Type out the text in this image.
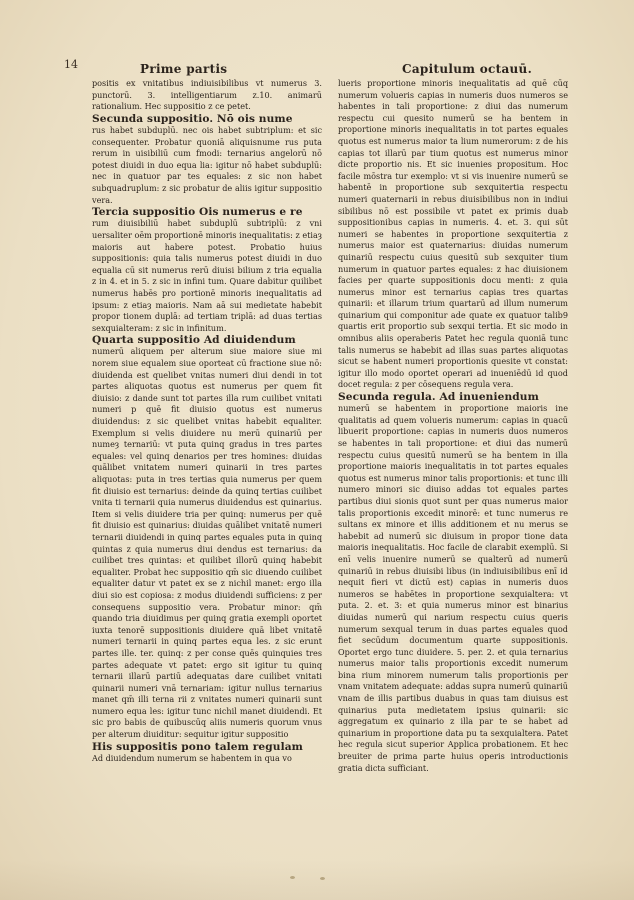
14	Prime partis	Capitulum octauū.

positis ex vnitatibus indiuisibilibus vt numerus 3. punctorū. 3. intelligentiarum z.10. animarū rationalium. Hec suppositio z ce petet.

Secunda suppositio. Nō ois nume

rus habet subduplū. nec ois habet subtriplum: et sic consequenter. Probatur quoniā aliquisnume rus puta rerum in uisibiliū cum fmodi: ternarius angelorū nō potest diuidi in duo equa lia: igitur nō habet subduplū: nec in quatuor par tes equales: z sic non habet subquadruplum: z sic probatur de aliis igitur suppositio vera.

Tercia suppositio Ois numerus e re

rum diuisibiliū habet subduplū subtriplū: z vni uersaliter oēm proportionē minoris inequalitatis: z etiaȝ maioris aut habere potest. Probatio huius suppositionis: quia talis numerus potest diuidi in duo equalia cū sit numerus rerū diuisi bilium z tria equalia z in 4. et in 5. z sic in infini tum. Quare dabitur quilibet numerus habēs pro portionē minoris inequalitatis ad ipsum: z etiaȝ maioris. Nam aā sui medietate habebit propor tionem duplā: ad tertiam triplā: ad duas tertias sexquialteram: z sic in infinitum.

Quarta suppositio Ad diuidendum

numerū aliquem per alterum siue maiore siue mi norem siue equalem siue oporteat cū fractione siue nō: diuidenda est quelibet vnitas numeri diui dendi in tot partes aliquotas quotus est numerus per quem fit diuisio: z dande sunt tot partes illa rum cuilibet vnitati numeri p quē fit diuisio quotus est numerus diuidendus: z sic quelibet vnitas habebit equaliter. Exemplum si velis diuidere nu merū quinariū per numeȝ ternariū: vt puta quinq gradus in tres partes equales: vel quinq denarios per tres homines: diuidas quālibet vnitatem numeri quinarii in tres partes aliquotas: puta in tres tertias quia numerus per quem fit diuisio est ternarius: deinde da quinq tertias cuilibet vnita ti ternarii quia numerus diuidendus est quinarius. Item si velis diuidere tria per quinq: numerus per quē fit diuisio est quinarius: diuidas quālibet vnitatē numeri ternarii diuidendi in quinq partes equales puta in quinq quintas z quia numerus diui dendus est ternarius: da cuilibet tres quintas: et quilibet illorū quinq habebit equaliter. Probat hec suppositio qm̄ sic diuendo cuilibet equaliter datur vt patet ex se z nichil manet: ergo illa diui sio est copiosa: z modus diuidendi sufficiens: z per consequens suppositio vera. Probatur minor: qm̄ quando tria diuidimus per quinq gratia exempli oportet iuxta tenorē suppositionis diuidere quā libet vnitatē numeri ternarii in quinq partes equa les. z sic erunt partes ille. ter. quinq: z per conse quēs quinquies tres partes adequate vt patet: ergo sit igitur tu quinq ternarii illarū partiū adequatas dare cuilibet vnitati quinarii numeri vnā ternariam: igitur nullus ternarius manet qm̄ illi terna rii z vnitates numeri quinarii sunt numero equa les: igitur tunc nichil manet diuidendi. Et sic pro babis de quibuscūq aliis numeris quorum vnus per alterum diuiditur: sequitur igitur suppositio

His suppositis pono talem regulam

Ad diuidendum numerum se habentem in qua vo

lueris proportione minoris inequalitatis ad quē cūq numerum volueris capias in numeris duos numeros se habentes in tali proportione: z diui das numerum respectu cui quesito numerū se ha bentem in proportione minoris inequalitatis in tot partes equales quotus est numerus maior ta lium numerorum: z de his capias tot illarū par tium quotus est numerus minor dicte proportio nis. Et sic inuenies propositum. Hoc facile mōstra tur exemplo: vt si vis inuenire numerū se habentē in proportione sub sexquitertia respectu numeri quaternarii in rebus diuisibilibus non in indiui sibilibus nō est possibile vt patet ex primis duab suppositionibus capias in numeris. 4. et. 3. qui sūt numeri se habentes in proportione sexquitertia z numerus maior est quaternarius: diuidas numerum quinariū respectu cuius quesitū sub sexquiter tium numerum in quatuor partes equales: z hac diuisionem facies per quarte suppositionis docu menti: z quia numerus minor est ternarius capias tres quartas quinarii: et illarum trium quartarū ad illum numerum quinarium qui componitur ade quate ex quatuor talib9 quartis erit proportio sub sexqui tertia. Et sic modo in omnibus aliis operaberis Patet hec regula quoniā tunc talis numerus se habebit ad illas suas partes aliquotas sicut se habent numeri proportionis quesite vt constat: igitur illo modo oportet operari ad inueniēdū id quod docet regula: z per cōsequens regula vera.

Secunda regula. Ad inueniendum

numerū se habentem in proportione maioris ine qualitatis ad quem volueris numerum: capias in quacū libuerit proportione: capias in numeris duos numeros se habentes in tali proportione: et diui das numerū respectu cuius quesitū numerū se ha bentem in illa proportione maioris inequalitatis in tot partes equales quotus est numerus minor talis proportionis: et tunc illi numero minori sic diuiso addas tot equales partes partibus diui sionis quot sunt per quas numerus maior talis proportionis excedit minorē: et tunc numerus re sultans ex minore et illis additionem et nu merus se habebit ad numerū sic diuisum in propor tione data maioris inequalitatis. Hoc facile de clarabit exemplū. Si enī velis inuenire numerū se qualterū ad numerū quinariū in rebus diuisibi libus (in indiuisibilibus enī id nequit fieri vt dictū est) capias in numeris duos numeros se habētes in proportione sexquialtera: vt puta. 2. et. 3: et quia numerus minor est binarius diuidas numerū qui narium respectu cuius queris numerum sexqual terum in duas partes equales quod fiet secūdum documentum quarte suppositionis. Oportet ergo tunc diuidere. 5. per. 2. et quia ternarius numerus maior talis proportionis excedit numerum bina rium minorem numerum talis proportionis per vnam vnitatem adequate: addas supra numerū quinariū vnam de illis partibus duabus in quas tam diuisus est quinarius puta medietatem ipsius quinarii: sic aggregatum ex quinario z illa par te se habet ad quinarium in proportione data pu ta sexquialtera. Patet hec regula sicut superior Applica probationem. Et hec breuiter de prima parte huius operis introductionis gratia dicta sufficiant.
